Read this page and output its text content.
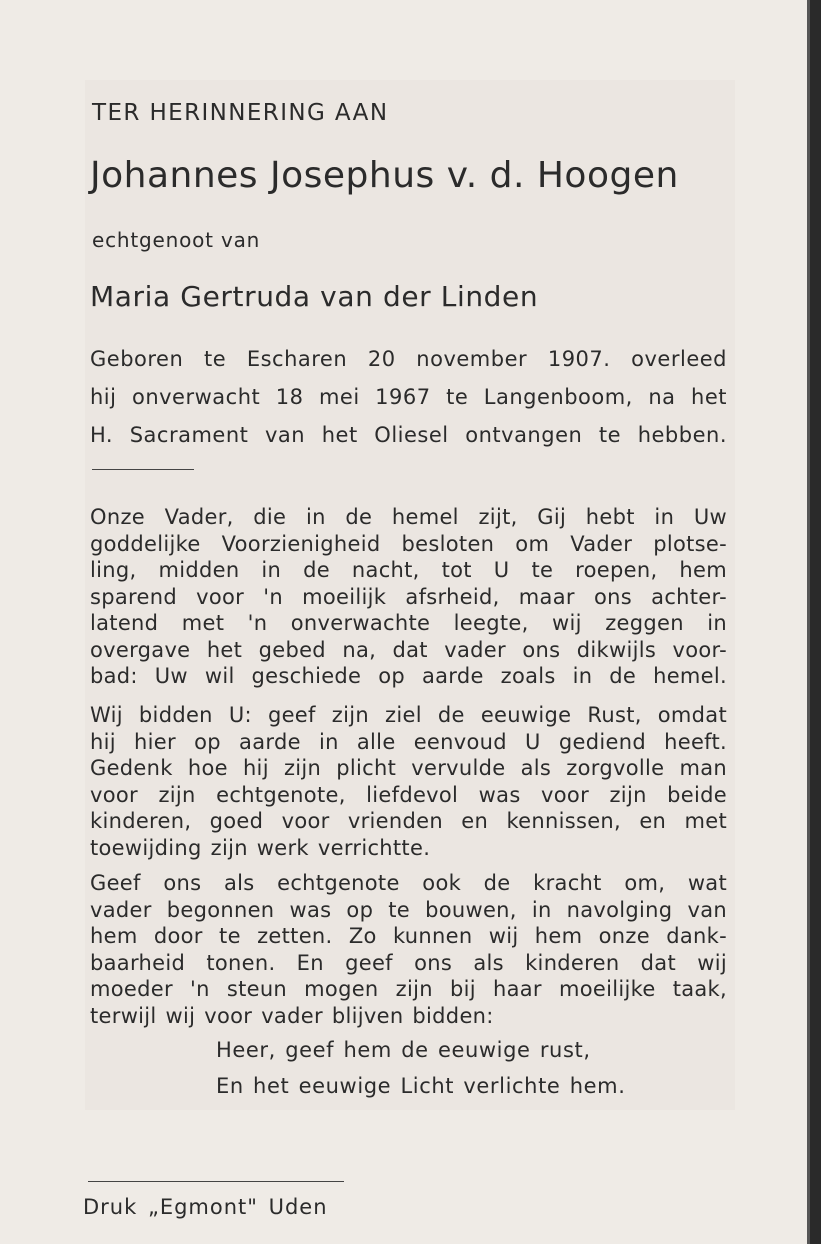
TER HERINNERING AAN
Johannes Josephus v. d. Hoogen
echtgenoot van
Maria Gertruda van der Linden
Geboren te Escharen 20 november 1907. overleed
hij onverwacht 18 mei 1967 te Langenboom, na het
H. Sacrament van het Oliesel ontvangen te hebben.
Onze Vader, die in de hemel zijt, Gij hebt in Uw
goddelijke Voorzienigheid besloten om Vader plotse-
ling, midden in de nacht, tot U te roepen, hem
sparend voor 'n moeilijk afsrheid, maar ons achter-
latend met 'n onverwachte leegte, wij zeggen in
overgave het gebed na, dat vader ons dikwijls voor-
bad: Uw wil geschiede op aarde zoals in de hemel.
Wij bidden U: geef zijn ziel de eeuwige Rust, omdat
hij hier op aarde in alle eenvoud U gediend heeft.
Gedenk hoe hij zijn plicht vervulde als zorgvolle man
voor zijn echtgenote, liefdevol was voor zijn beide
kinderen, goed voor vrienden en kennissen, en met
toewijding zijn werk verrichtte.
Geef ons als echtgenote ook de kracht om, wat
vader begonnen was op te bouwen, in navolging van
hem door te zetten. Zo kunnen wij hem onze dank-
baarheid tonen. En geef ons als kinderen dat wij
moeder 'n steun mogen zijn bij haar moeilijke taak,
terwijl wij voor vader blijven bidden:
Heer, geef hem de eeuwige rust,
En het eeuwige Licht verlichte hem.
Druk „Egmont" Uden
